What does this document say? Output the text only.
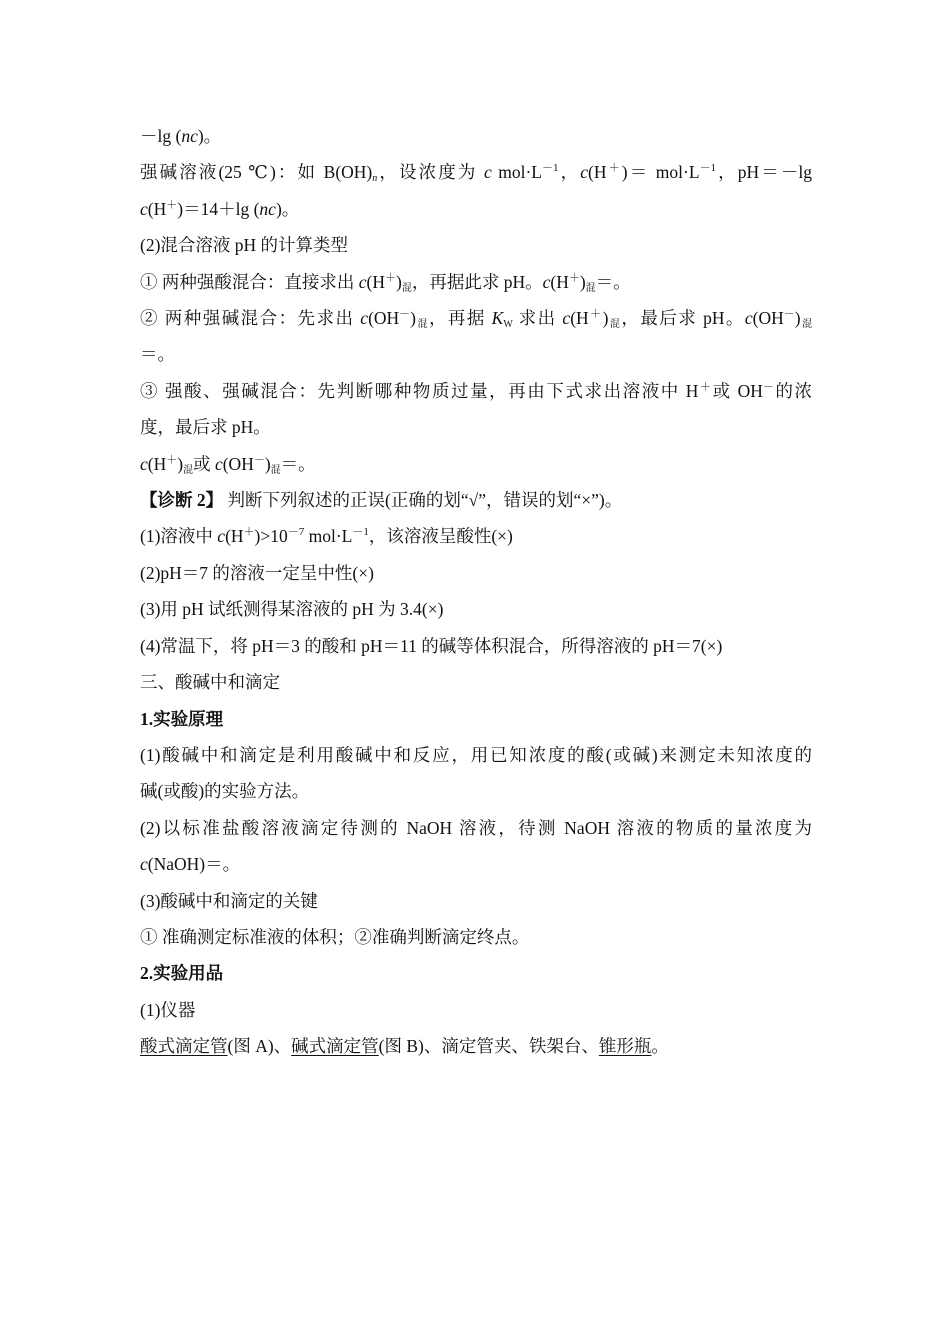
－lg (nc)。
强碱溶液(25 ℃)：如 $B(OH)_n$，设浓度为 c $mol\cdot L^{-1}$，$c(H^+)= mol\cdot L^{-1}$，pH＝－lg
c(H＋)＝14＋lg (nc)。
(2)混合溶液 pH 的计算类型
① 两种强酸混合：直接求出 $c(H^+)_混$，再据此求 pH。$c(H^+)_混=$。
② 两种强碱混合：先求出 $c(OH^-)_混$，再据 $K_W$ 求出 $c(H^+)_混$，最后求 pH。$c(OH^-)_混$
＝。
③ 强酸、强碱混合：先判断哪种物质过量，再由下式求出溶液中 H＋或 OH－的浓
度，最后求 pH。
$c(H^+)_混$或 $c(OH^-)_混=$。
【诊断 2】 判断下列叙述的正误(正确的划“√”，错误的划“×”)。
(1)溶液中 $c(H^+)>10^{-7}$ $mol\cdot L^{-1}$，该溶液呈酸性(×)
(2)pH＝7 的溶液一定呈中性(×)
(3)用 pH 试纸测得某溶液的 pH 为 3.4(×)
(4)常温下，将 pH＝3 的酸和 pH＝11 的碱等体积混合，所得溶液的 pH＝7(×)
三、酸碱中和滴定
1.实验原理
(1)酸碱中和滴定是利用酸碱中和反应，用已知浓度的酸(或碱)来测定未知浓度的
碱(或酸)的实验方法。
(2)以标准盐酸溶液滴定待测的 NaOH 溶液，待测 NaOH 溶液的物质的量浓度为
c(NaOH)＝。
(3)酸碱中和滴定的关键
① 准确测定标准液的体积；②准确判断滴定终点。
2.实验用品
(1)仪器
酸式滴定管(图 A)、碱式滴定管(图 B)、滴定管夹、铁架台、锥形瓶。
